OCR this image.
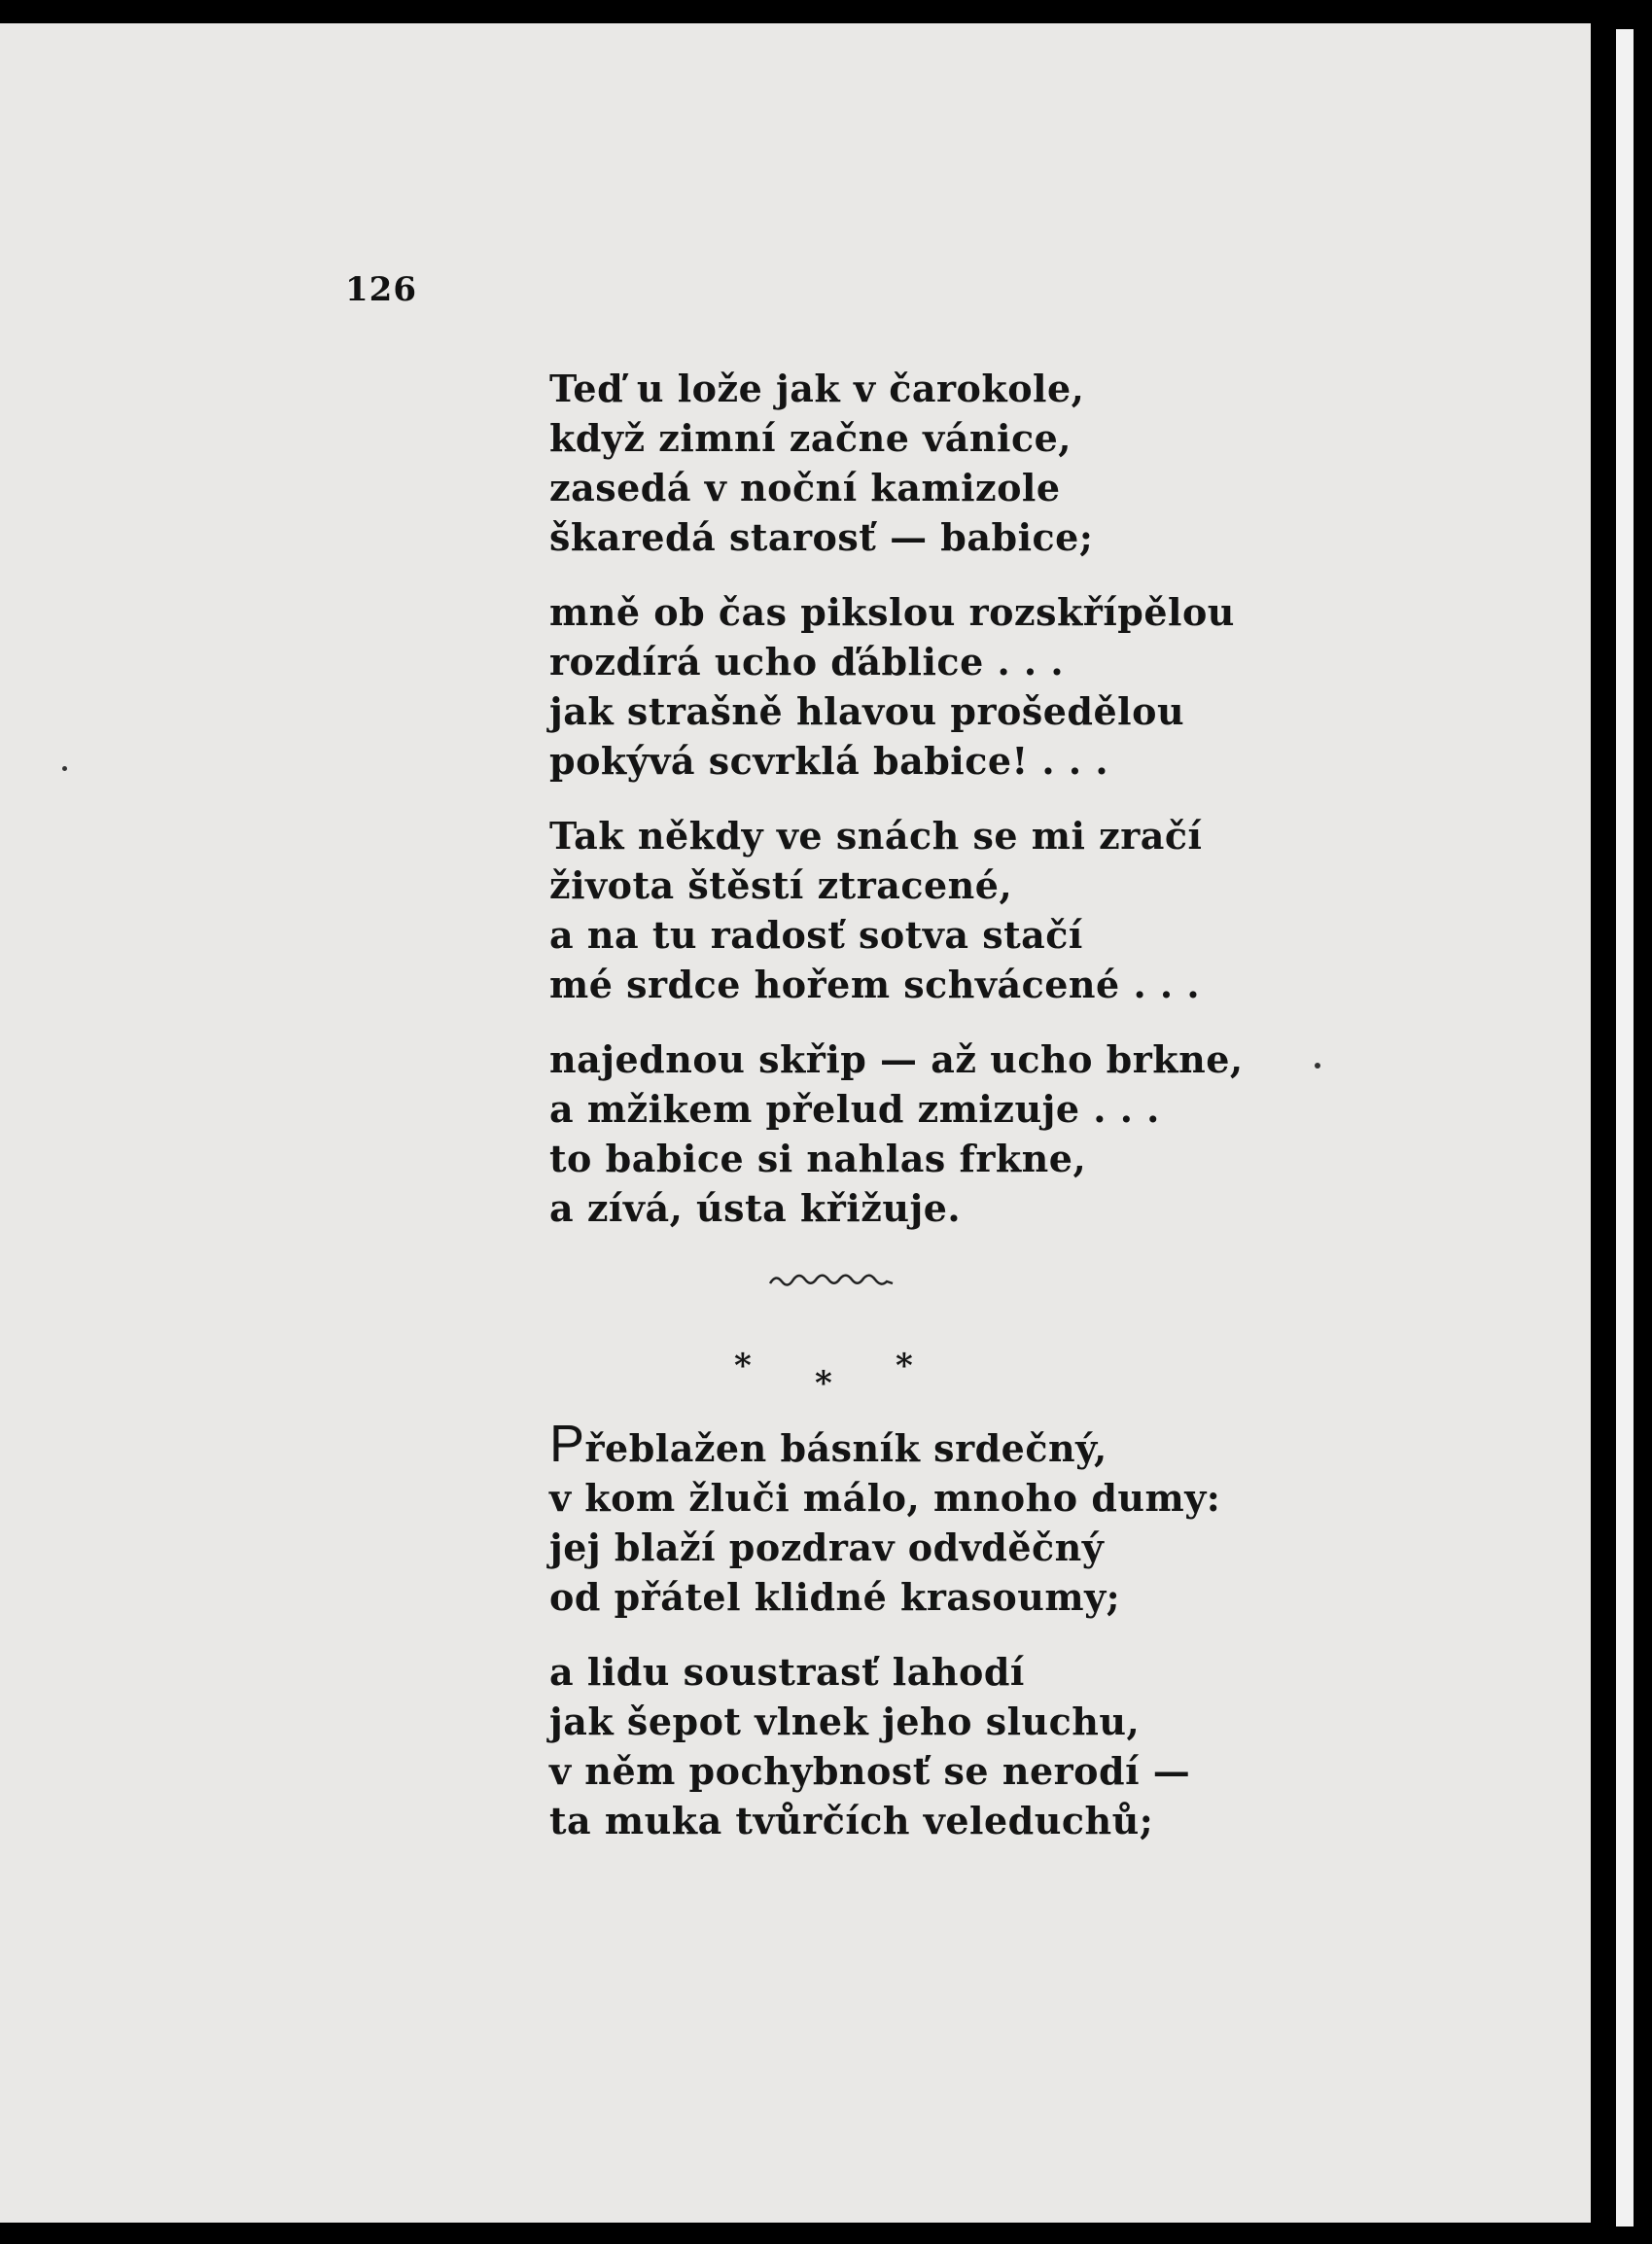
126
Teď u lože jak v čarokole,
když zimní začne vánice,
zasedá v noční kamizole
škaredá starosť — babice;
mně ob čas pikslou rozskřípělou
rozdírá ucho ďáblice . . .
jak strašně hlavou prošedělou
pokývá scvrklá babice! . . .
Tak někdy ve snách se mi zračí
života štěstí ztracené,
a na tu radosť sotva stačí
mé srdce hořem schvácené . . .
najednou skřip — až ucho brkne,
a mžikem přelud zmizuje . . .
to babice si nahlas frkne,
a zívá, ústa křižuje.
* * *
Přeblažen básník srdečný,
v kom žluči málo, mnoho dumy:
jej blaží pozdrav odvděčný
od přátel klidné krasoumy;
a lidu soustrasť lahodí
jak šepot vlnek jeho sluchu,
v něm pochybnosť se nerodí —
ta muka tvůrčích veleduchů;
